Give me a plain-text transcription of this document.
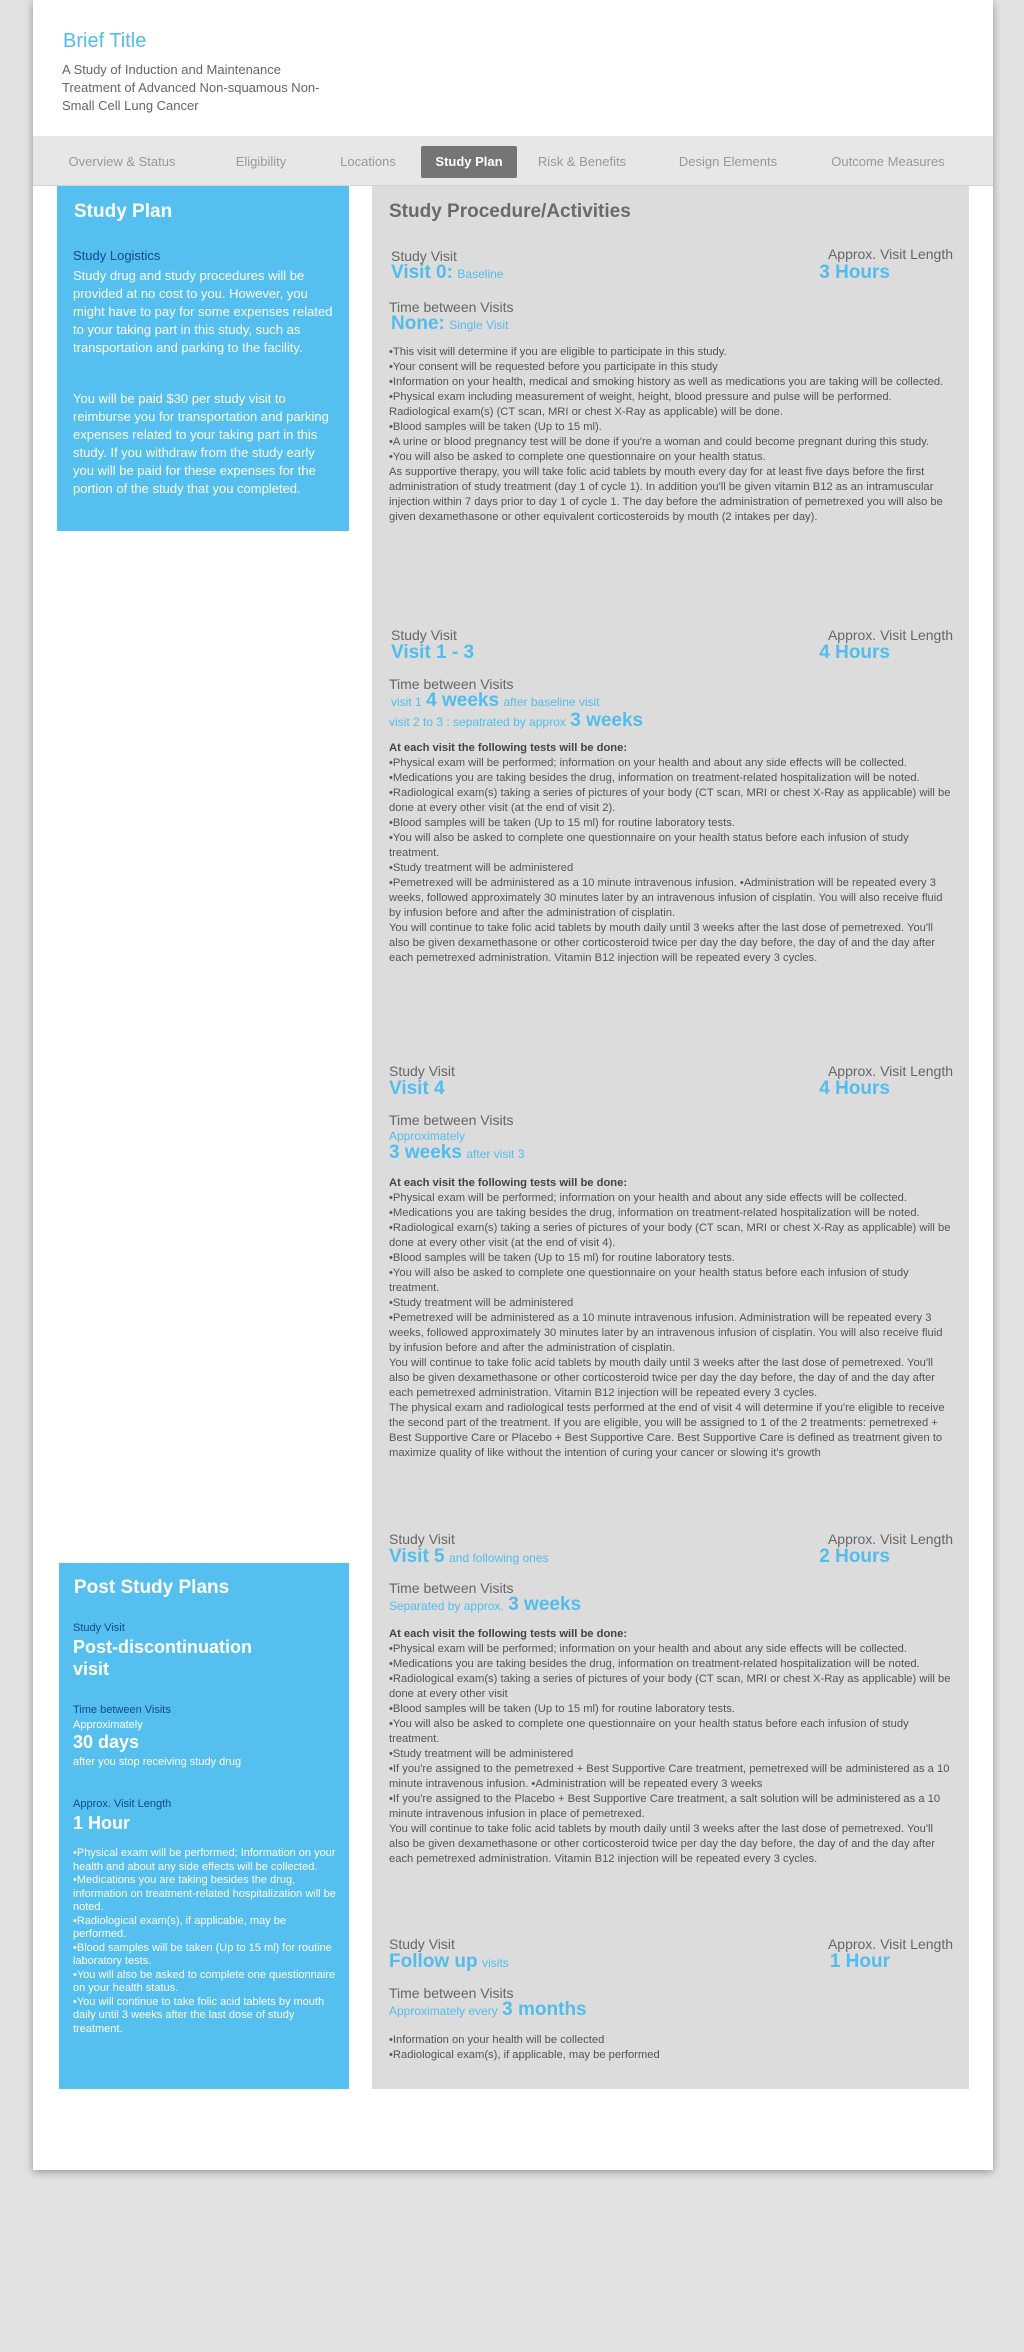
Brief Title
A Study of Induction and Maintenance Treatment of Advanced Non-squamous Non-Small Cell Lung Cancer
Overview & Status	Eligibility	Locations	Study Plan	Risk & Benefits	Design Elements	Outcome Measures
Study Plan
Study Logistics
Study drug and study procedures will be provided at no cost to you. However, you might have to pay for some expenses related to your taking part in this study, such as transportation and parking to the facility.
You will be paid $30 per study visit to reimburse you for transportation and parking expenses related to your taking part in this study. If you withdraw from the study early you will be paid for these expenses for the portion of the study that you completed.
Post Study Plans
Study Visit
Post-discontinuation visit
Time between Visits
Approximately
30 days
after you stop receiving study drug
Approx. Visit Length
1 Hour
•Physical exam will be performed; Information on your health and about any side effects will be collected.
•Medications you are taking besides the drug, information on treatment-related hospitalization will be noted.
•Radiological exam(s), if applicable, may be performed.
•Blood samples will be taken (Up to 15 ml) for routine laboratory tests.
•You will also be asked to complete one questionnaire on your health status.
•You will continue to take folic acid tablets by mouth daily until 3 weeks after the last dose of study treatment.
Study Procedure/Activities
Study Visit	Approx. Visit Length
Visit 0: Baseline	3 Hours
Time between Visits
None: Single Visit
•This visit will determine if you are eligible to participate in this study.
•Your consent will be requested before you participate in this study
•Information on your health, medical and smoking history as well as medications you are taking will be collected.
•Physical exam including measurement of weight, height, blood pressure and pulse will be performed. Radiological exam(s) (CT scan, MRI or chest X-Ray as applicable) will be done.
•Blood samples will be taken (Up to 15 ml).
•A urine or blood pregnancy test will be done if you're a woman and could become pregnant during this study.
•You will also be asked to complete one questionnaire on your health status.
As supportive therapy, you will take folic acid tablets by mouth every day for at least five days before the first administration of study treatment (day 1 of cycle 1). In addition you'll be given vitamin B12 as an intramuscular injection within 7 days prior to day 1 of cycle 1. The day before the administration of pemetrexed you will also be given dexamethasone or other equivalent corticosteroids by mouth (2 intakes per day).
Study Visit	Approx. Visit Length
Visit 1 - 3	4 Hours
Time between Visits
visit 1 4 weeks after baseline visit
visit 2 to 3 : sepatrated by approx 3 weeks
At each visit the following tests will be done:
•Physical exam will be performed; information on your health and about any side effects will be collected.
•Medications you are taking besides the drug, information on treatment-related hospitalization will be noted.
•Radiological exam(s) taking a series of pictures of your body (CT scan, MRI or chest X-Ray as applicable) will be
done at every other visit (at the end of visit 2).
•Blood samples will be taken (Up to 15 ml) for routine laboratory tests.
•You will also be asked to complete one questionnaire on your health status before each infusion of study treatment.
•Study treatment will be administered
•Pemetrexed will be administered as a 10 minute intravenous infusion. •Administration will be repeated every 3 weeks, followed approximately 30 minutes later by an intravenous infusion of cisplatin. You will also receive fluid by infusion before and after the administration of cisplatin.
You will continue to take folic acid tablets by mouth daily until 3 weeks after the last dose of pemetrexed. You'll also be given dexamethasone or other corticosteroid twice per day the day before, the day of and the day after each pemetrexed administration. Vitamin B12 injection will be repeated every 3 cycles.
Study Visit	Approx. Visit Length
Visit 4	4 Hours
Time between Visits
Approximately
3 weeks after visit 3
At each visit the following tests will be done:
•Physical exam will be performed; information on your health and about any side effects will be collected.
•Medications you are taking besides the drug, information on treatment-related hospitalization will be noted.
•Radiological exam(s) taking a series of pictures of your body (CT scan, MRI or chest X-Ray as applicable) will be done at every other visit (at the end of visit 4).
•Blood samples will be taken (Up to 15 ml) for routine laboratory tests.
•You will also be asked to complete one questionnaire on your health status before each infusion of study treatment.
•Study treatment will be administered
•Pemetrexed will be administered as a 10 minute intravenous infusion. Administration will be repeated every 3 weeks, followed approximately 30 minutes later by an intravenous infusion of cisplatin. You will also receive fluid by infusion before and after the administration of cisplatin.
You will continue to take folic acid tablets by mouth daily until 3 weeks after the last dose of pemetrexed. You'll also be given dexamethasone or other corticosteroid twice per day the day before, the day of and the day after each pemetrexed administration. Vitamin B12 injection will be repeated every 3 cycles.
The physical exam and radiological tests performed at the end of visit 4 will determine if you're eligible to receive the second part of the treatment. If you are eligible, you will be assigned to 1 of the 2 treatments: pemetrexed + Best Supportive Care or Placebo + Best Supportive Care. Best Supportive Care is defined as treatment given to maximize quality of like without the intention of curing your cancer or slowing it's growth
Study Visit	Approx. Visit Length
Visit 5 and following ones	2 Hours
Time between Visits
Separated by approx. 3 weeks
At each visit the following tests will be done:
•Physical exam will be performed; information on your health and about any side effects will be collected.
•Medications you are taking besides the drug, information on treatment-related hospitalization will be noted.
•Radiological exam(s) taking a series of pictures of your body (CT scan, MRI or chest X-Ray as applicable) will be done at every other visit
•Blood samples will be taken (Up to 15 ml) for routine laboratory tests.
•You will also be asked to complete one questionnaire on your health status before each infusion of study treatment.
•Study treatment will be administered
•If you're assigned to the pemetrexed + Best Supportive Care treatment, pemetrexed will be administered as a 10 minute intravenous infusion. •Administration will be repeated every 3 weeks
•If you're assigned to the Placebo + Best Supportive Care treatment, a salt solution will be administered as a 10 minute intravenous infusion in place of pemetrexed.
You will continue to take folic acid tablets by mouth daily until 3 weeks after the last dose of pemetrexed. You'll also be given dexamethasone or other corticosteroid twice per day the day before, the day of and the day after each pemetrexed administration. Vitamin B12 injection will be repeated every 3 cycles.
Study Visit	Approx. Visit Length
Follow up visits	1 Hour
Time between Visits
Approximately every 3 months
•Information on your health will be collected
•Radiological exam(s), if applicable, may be performed
